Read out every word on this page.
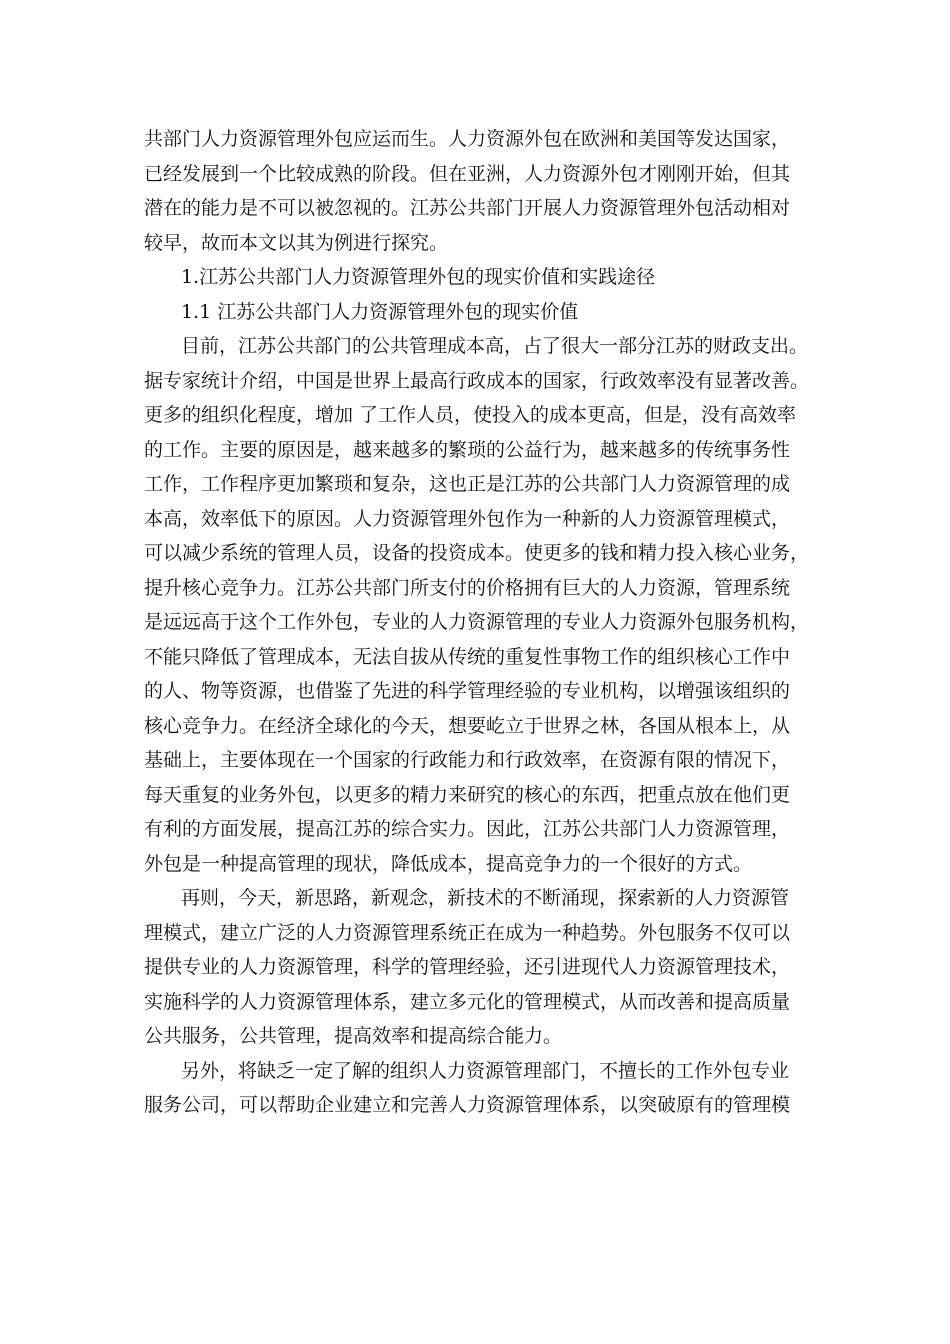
共部门人力资源管理外包应运而生。人力资源外包在欧洲和美国等发达国家，
已经发展到一个比较成熟的阶段。但在亚洲，人力资源外包才刚刚开始，但其
潜在的能力是不可以被忽视的。江苏公共部门开展人力资源管理外包活动相对
较早，故而本文以其为例进行探究。
1.江苏公共部门人力资源管理外包的现实价值和实践途径
1.1 江苏公共部门人力资源管理外包的现实价值
目前，江苏公共部门的公共管理成本高，占了很大一部分江苏的财政支出。
据专家统计介绍，中国是世界上最高行政成本的国家，行政效率没有显著改善。
更多的组织化程度，增加 了工作人员，使投入的成本更高，但是，没有高效率
的工作。主要的原因是，越来越多的繁琐的公益行为，越来越多的传统事务性
工作，工作程序更加繁琐和复杂，这也正是江苏的公共部门人力资源管理的成
本高，效率低下的原因。人力资源管理外包作为一种新的人力资源管理模式，
可以减少系统的管理人员，设备的投资成本。使更多的钱和精力投入核心业务，
提升核心竞争力。江苏公共部门所支付的价格拥有巨大的人力资源，管理系统
是远远高于这个工作外包，专业的人力资源管理的专业人力资源外包服务机构，
不能只降低了管理成本，无法自拔从传统的重复性事物工作的组织核心工作中
的人、物等资源，也借鉴了先进的科学管理经验的专业机构，以增强该组织的
核心竞争力。在经济全球化的今天，想要屹立于世界之林，各国从根本上，从
基础上，主要体现在一个国家的行政能力和行政效率，在资源有限的情况下，
每天重复的业务外包，以更多的精力来研究的核心的东西，把重点放在他们更
有利的方面发展，提高江苏的综合实力。因此，江苏公共部门人力资源管理，
外包是一种提高管理的现状，降低成本，提高竞争力的一个很好的方式。
再则，今天，新思路，新观念，新技术的不断涌现，探索新的人力资源管
理模式，建立广泛的人力资源管理系统正在成为一种趋势。外包服务不仅可以
提供专业的人力资源管理，科学的管理经验，还引进现代人力资源管理技术，
实施科学的人力资源管理体系，建立多元化的管理模式，从而改善和提高质量
公共服务，公共管理，提高效率和提高综合能力。
另外，将缺乏一定了解的组织人力资源管理部门，不擅长的工作外包专业
服务公司，可以帮助企业建立和完善人力资源管理体系，以突破原有的管理模
